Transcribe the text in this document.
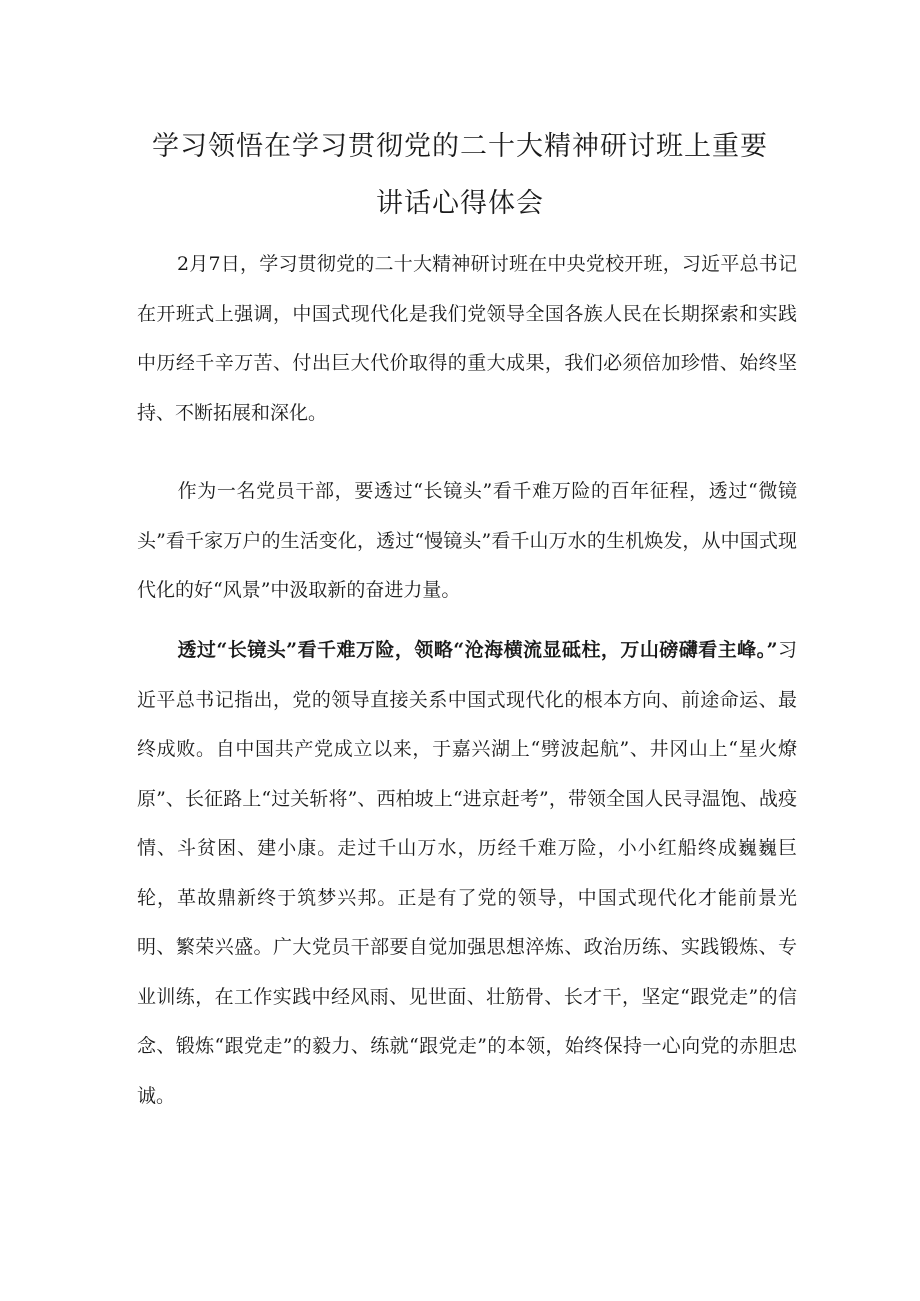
学习领悟在学习贯彻党的二十大精神研讨班上重要
讲话心得体会

2月7日，学习贯彻党的二十大精神研讨班在中央党校开班，习近平总书记在开班式上强调，中国式现代化是我们党领导全国各族人民在长期探索和实践中历经千辛万苦、付出巨大代价取得的重大成果，我们必须倍加珍惜、始终坚持、不断拓展和深化。

作为一名党员干部，要透过“长镜头”看千难万险的百年征程，透过“微镜头”看千家万户的生活变化，透过“慢镜头”看千山万水的生机焕发，从中国式现代化的好“风景”中汲取新的奋进力量。

透过“长镜头”看千难万险，领略“沧海横流显砥柱，万山磅礴看主峰。”习近平总书记指出，党的领导直接关系中国式现代化的根本方向、前途命运、最终成败。自中国共产党成立以来，于嘉兴湖上“劈波起航”、井冈山上“星火燎原”、长征路上“过关斩将”、西柏坡上“进京赶考”，带领全国人民寻温饱、战疫情、斗贫困、建小康。走过千山万水，历经千难万险，小小红船终成巍巍巨轮，革故鼎新终于筑梦兴邦。正是有了党的领导，中国式现代化才能前景光明、繁荣兴盛。广大党员干部要自觉加强思想淬炼、政治历练、实践锻炼、专业训练，在工作实践中经风雨、见世面、壮筋骨、长才干，坚定“跟党走”的信念、锻炼“跟党走”的毅力、练就“跟党走”的本领，始终保持一心向党的赤胆忠诚。
